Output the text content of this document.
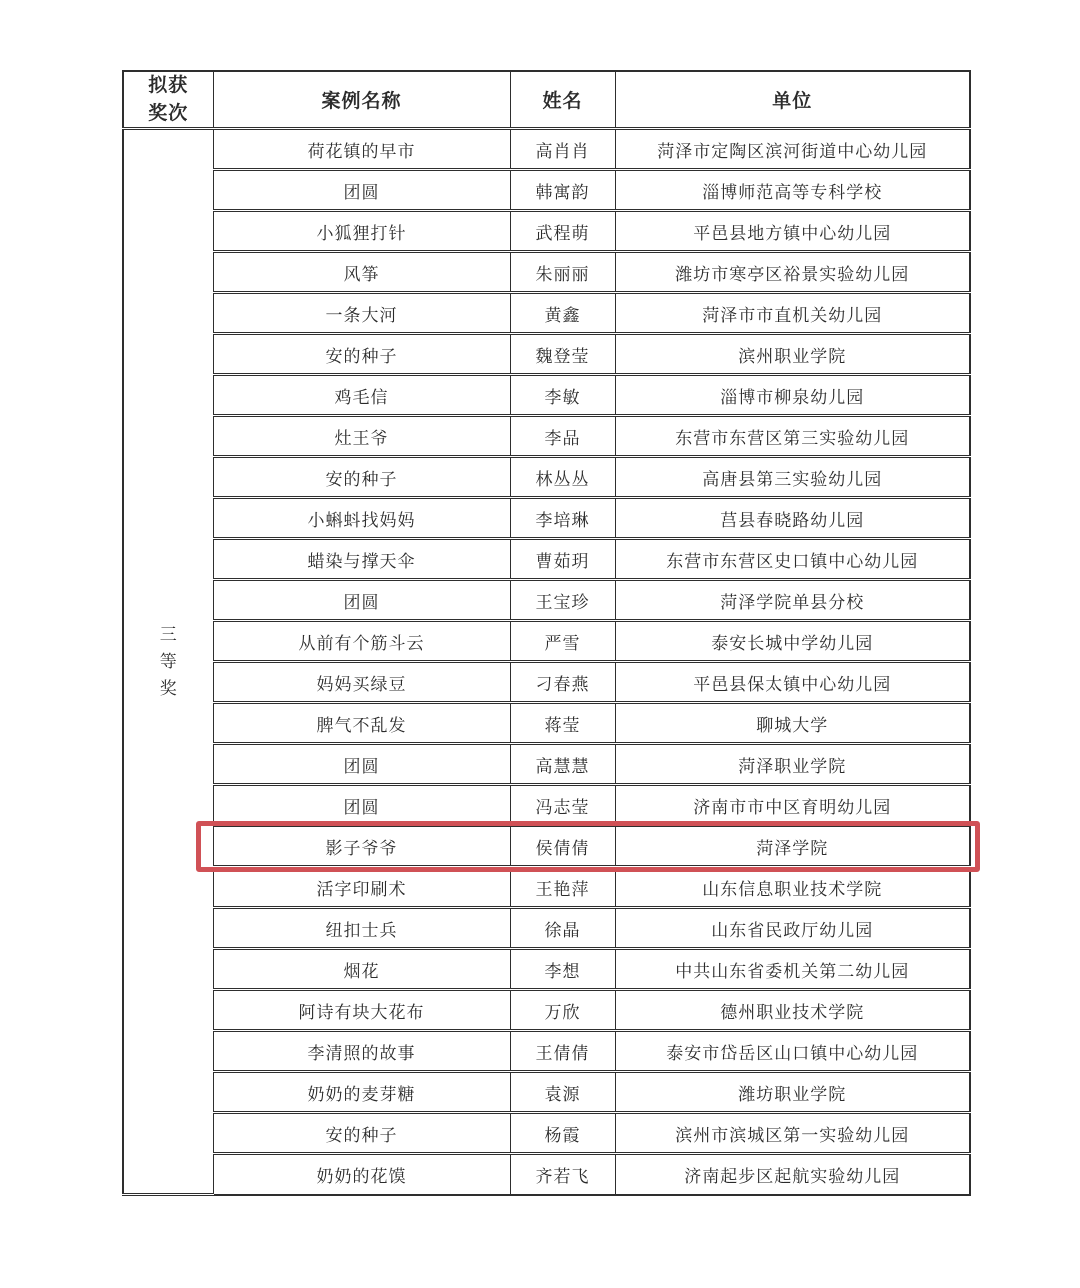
拟获奖次	案例名称	姓名	单位
三等奖	荷花镇的早市	高肖肖	菏泽市定陶区滨河街道中心幼儿园
	团圆	韩寓韵	淄博师范高等专科学校
	小狐狸打针	武程萌	平邑县地方镇中心幼儿园
	风筝	朱丽丽	潍坊市寒亭区裕景实验幼儿园
	一条大河	黄鑫	菏泽市市直机关幼儿园
	安的种子	魏登莹	滨州职业学院
	鸡毛信	李敏	淄博市柳泉幼儿园
	灶王爷	李品	东营市东营区第三实验幼儿园
	安的种子	林丛丛	高唐县第三实验幼儿园
	小蝌蚪找妈妈	李培琳	莒县春晓路幼儿园
	蜡染与撑天伞	曹茹玥	东营市东营区史口镇中心幼儿园
	团圆	王宝珍	菏泽学院单县分校
	从前有个筋斗云	严雪	泰安长城中学幼儿园
	妈妈买绿豆	刁春燕	平邑县保太镇中心幼儿园
	脾气不乱发	蒋莹	聊城大学
	团圆	高慧慧	菏泽职业学院
	团圆	冯志莹	济南市市中区育明幼儿园
	影子爷爷	侯倩倩	菏泽学院
	活字印刷术	王艳萍	山东信息职业技术学院
	纽扣士兵	徐晶	山东省民政厅幼儿园
	烟花	李想	中共山东省委机关第二幼儿园
	阿诗有块大花布	万欣	德州职业技术学院
	李清照的故事	王倩倩	泰安市岱岳区山口镇中心幼儿园
	奶奶的麦芽糖	袁源	潍坊职业学院
	安的种子	杨霞	滨州市滨城区第一实验幼儿园
	奶奶的花馍	齐若飞	济南起步区起航实验幼儿园
